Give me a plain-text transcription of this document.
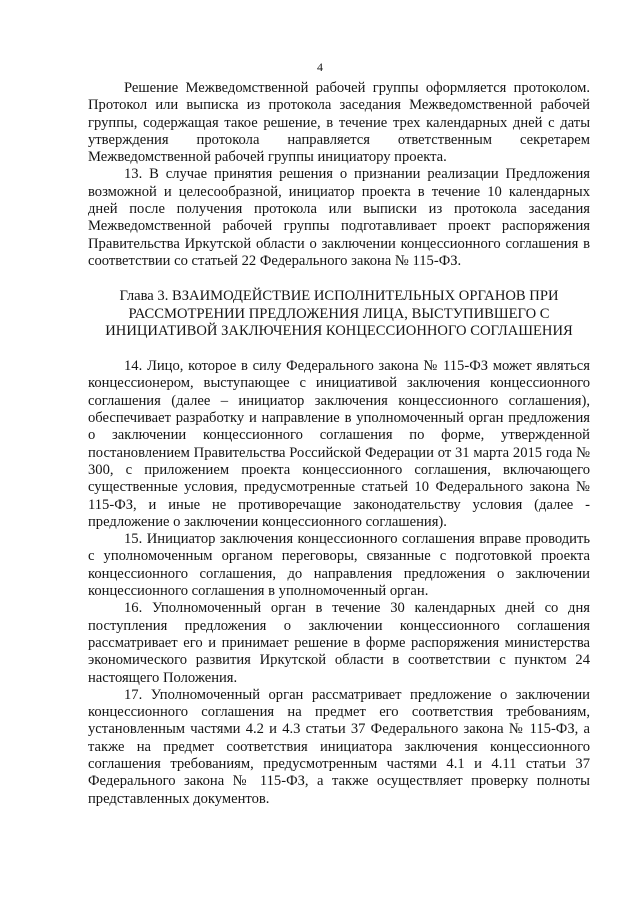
4

Решение Межведомственной рабочей группы оформляется протоколом. Протокол или выписка из протокола заседания Межведомственной рабочей группы, содержащая такое решение, в течение трех календарных дней с даты утверждения протокола направляется ответственным секретарем Межведомственной рабочей группы инициатору проекта.

13. В случае принятия решения о признании реализации Предложения возможной и целесообразной, инициатор проекта в течение 10 календарных дней после получения протокола или выписки из протокола заседания Межведомственной рабочей группы подготавливает проект распоряжения Правительства Иркутской области о заключении концессионного соглашения в соответствии со статьей 22 Федерального закона № 115-ФЗ.

Глава 3. ВЗАИМОДЕЙСТВИЕ ИСПОЛНИТЕЛЬНЫХ ОРГАНОВ ПРИ
РАССМОТРЕНИИ ПРЕДЛОЖЕНИЯ ЛИЦА, ВЫСТУПИВШЕГО С
ИНИЦИАТИВОЙ ЗАКЛЮЧЕНИЯ КОНЦЕССИОННОГО СОГЛАШЕНИЯ

14. Лицо, которое в силу Федерального закона № 115-ФЗ может являться концессионером, выступающее с инициативой заключения концессионного соглашения (далее – инициатор заключения концессионного соглашения), обеспечивает разработку и направление в уполномоченный орган предложения о заключении концессионного соглашения по форме, утвержденной постановлением Правительства Российской Федерации от 31 марта 2015 года № 300, с приложением проекта концессионного соглашения, включающего существенные условия, предусмотренные статьей 10 Федерального закона № 115-ФЗ, и иные не противоречащие законодательству условия (далее - предложение о заключении концессионного соглашения).

15. Инициатор заключения концессионного соглашения вправе проводить с уполномоченным органом переговоры, связанные с подготовкой проекта концессионного соглашения, до направления предложения о заключении концессионного соглашения в уполномоченный орган.

16. Уполномоченный орган в течение 30 календарных дней со дня поступления предложения о заключении концессионного соглашения рассматривает его и принимает решение в форме распоряжения министерства экономического развития Иркутской области в соответствии с пунктом 24 настоящего Положения.

17. Уполномоченный орган рассматривает предложение о заключении концессионного соглашения на предмет его соответствия требованиям, установленным частями 4.2 и 4.3 статьи 37 Федерального закона № 115-ФЗ, а также на предмет соответствия инициатора заключения концессионного соглашения требованиям, предусмотренным частями 4.1 и 4.11 статьи 37 Федерального закона № 115-ФЗ, а также осуществляет проверку полноты представленных документов.
